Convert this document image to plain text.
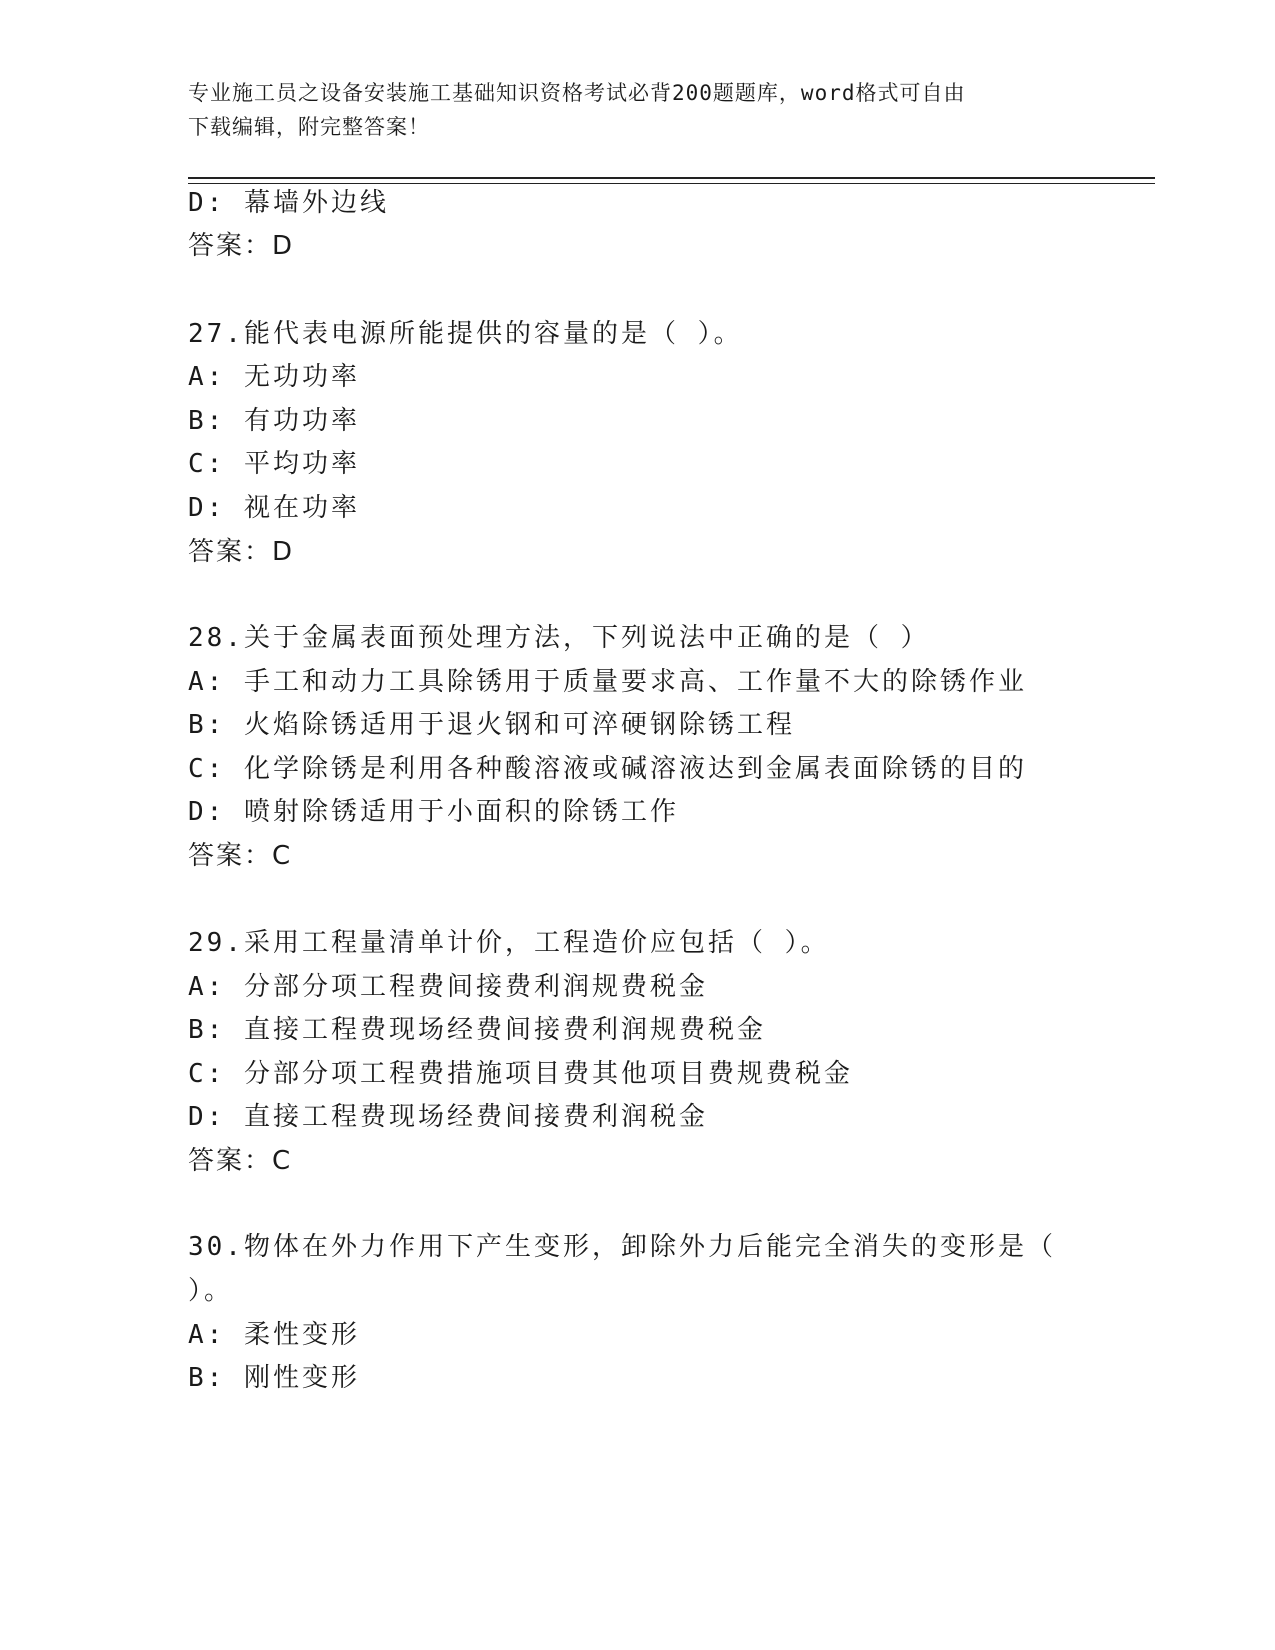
专业施工员之设备安装施工基础知识资格考试必背200题题库，word格式可自由
下载编辑，附完整答案！
D: 幕墙外边线
答案：D
27.能代表电源所能提供的容量的是（ ）。
A: 无功功率
B: 有功功率
C: 平均功率
D: 视在功率
答案：D
28.关于金属表面预处理方法，下列说法中正确的是（ ）
A: 手工和动力工具除锈用于质量要求高、工作量不大的除锈作业
B: 火焰除锈适用于退火钢和可淬硬钢除锈工程
C: 化学除锈是利用各种酸溶液或碱溶液达到金属表面除锈的目的
D: 喷射除锈适用于小面积的除锈工作
答案：C
29.采用工程量清单计价，工程造价应包括（ ）。
A: 分部分项工程费间接费利润规费税金
B: 直接工程费现场经费间接费利润规费税金
C: 分部分项工程费措施项目费其他项目费规费税金
D: 直接工程费现场经费间接费利润税金
答案：C
30.物体在外力作用下产生变形，卸除外力后能完全消失的变形是（
）。
A: 柔性变形
B: 刚性变形
